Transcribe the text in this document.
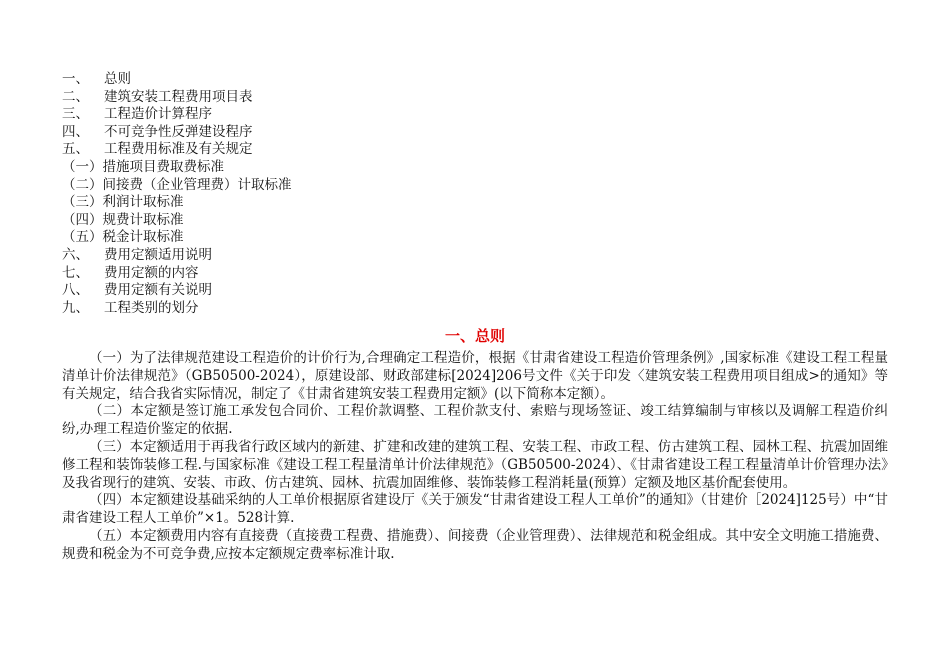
一、	总则
二、	建筑安装工程费用项目表
三、	工程造价计算程序
四、	不可竞争性反弹建设程序
五、	工程费用标准及有关规定
（一）措施项目费取费标准
（二）间接费（企业管理费）计取标准
（三）利润计取标准
（四）规费计取标准
（五）税金计取标准
六、	费用定额适用说明
七、	费用定额的内容
八、	费用定额有关说明
九、	工程类别的划分
一、总则

（一）为了法律规范建设工程造价的计价行为,合理确定工程造价，根据《甘肃省建设工程造价管理条例》,国家标准《建设工程工程量清单计价法律规范》（GB50500-2024），原建设部、财政部建标[2024]206号文件《关于印发〈建筑安装工程费用项目组成>的通知》等有关规定，结合我省实际情况，制定了《甘肃省建筑安装工程费用定额》(以下简称本定额）。

（二）本定额是签订施工承发包合同价、工程价款调整、工程价款支付、索赔与现场签证、竣工结算编制与审核以及调解工程造价纠纷,办理工程造价鉴定的依据.

（三）本定额适用于再我省行政区域内的新建、扩建和改建的建筑工程、安装工程、市政工程、仿古建筑工程、园林工程、抗震加固维修工程和装饰装修工程.与国家标准《建设工程工程量清单计价法律规范》（GB50500-2024）、《甘肃省建设工程工程量清单计价管理办法》及我省现行的建筑、安装、市政、仿古建筑、园林、抗震加固维修、装饰装修工程消耗量(预算）定额及地区基价配套使用。

（四）本定额建设基础采纳的人工单价根据原省建设厅《关于颁发“甘肃省建设工程人工单价”的通知》（甘建价［2024]125号）中“甘肃省建设工程人工单价”×1。528计算.

（五）本定额费用内容有直接费（直接费工程费、措施费）、间接费（企业管理费）、法律规范和税金组成。其中安全文明施工措施费、规费和税金为不可竞争费,应按本定额规定费率标准计取.
